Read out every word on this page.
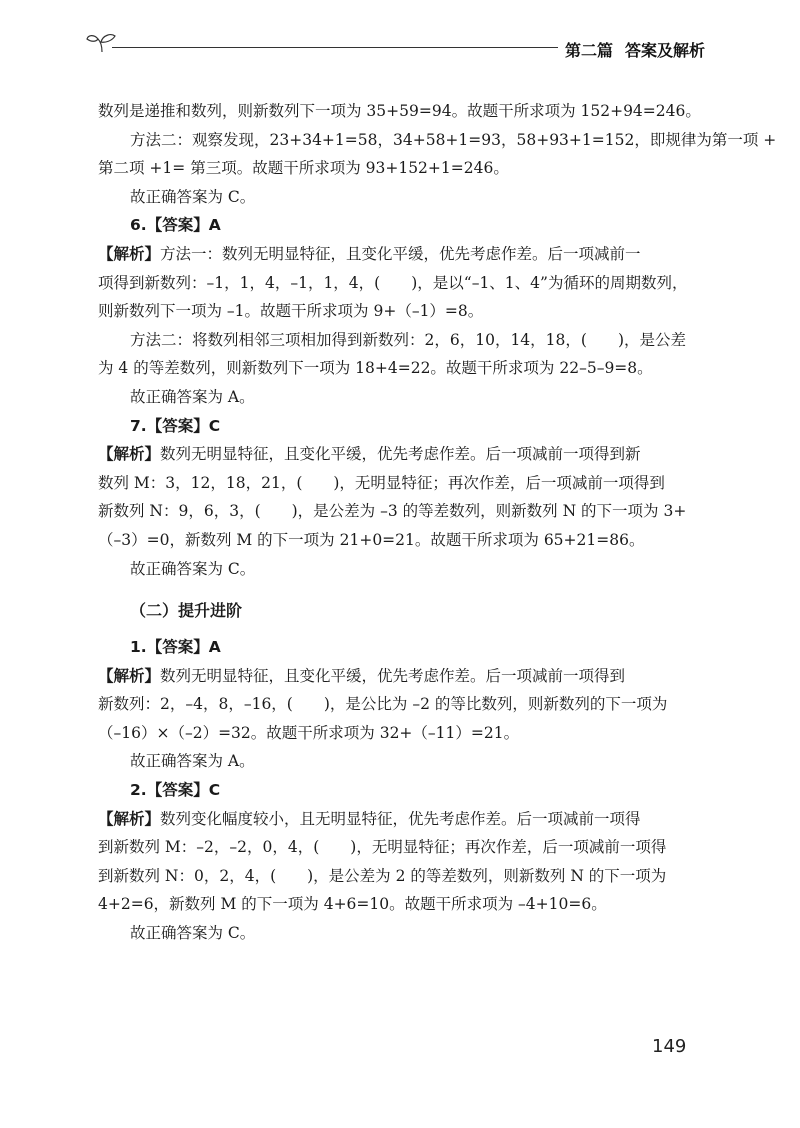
第二篇 答案及解析

数列是递推和数列，则新数列下一项为 35+59=94。故题干所求项为 152+94=246。

方法二：观察发现，23+34+1=58，34+58+1=93，58+93+1=152，即规律为第一项 +

第二项 +1= 第三项。故题干所求项为 93+152+1=246。

故正确答案为 C。

6.【答案】A

【解析】方法一：数列无明显特征，且变化平缓，优先考虑作差。后一项减前一

项得到新数列：–1，1，4，–1，1，4，(　　)，是以“–1、1、4”为循环的周期数列，

则新数列下一项为 –1。故题干所求项为 9+（–1）=8。

方法二：将数列相邻三项相加得到新数列：2，6，10，14，18，(　　)，是公差

为 4 的等差数列，则新数列下一项为 18+4=22。故题干所求项为 22–5–9=8。

故正确答案为 A。

7.【答案】C

【解析】数列无明显特征，且变化平缓，优先考虑作差。后一项减前一项得到新

数列 M：3，12，18，21，(　　)，无明显特征；再次作差，后一项减前一项得到

新数列 N：9，6，3，(　　)，是公差为 –3 的等差数列，则新数列 N 的下一项为 3+

（–3）=0，新数列 M 的下一项为 21+0=21。故题干所求项为 65+21=86。

故正确答案为 C。

（二）提升进阶

1.【答案】A

【解析】数列无明显特征，且变化平缓，优先考虑作差。后一项减前一项得到

新数列：2，–4，8，–16，(　　)，是公比为 –2 的等比数列，则新数列的下一项为

（–16）×（–2）=32。故题干所求项为 32+（–11）=21。

故正确答案为 A。

2.【答案】C

【解析】数列变化幅度较小，且无明显特征，优先考虑作差。后一项减前一项得

到新数列 M：–2，–2，0，4，(　　)，无明显特征；再次作差，后一项减前一项得

到新数列 N：0，2，4，(　　)，是公差为 2 的等差数列，则新数列 N 的下一项为

4+2=6，新数列 M 的下一项为 4+6=10。故题干所求项为 –4+10=6。

故正确答案为 C。

149
